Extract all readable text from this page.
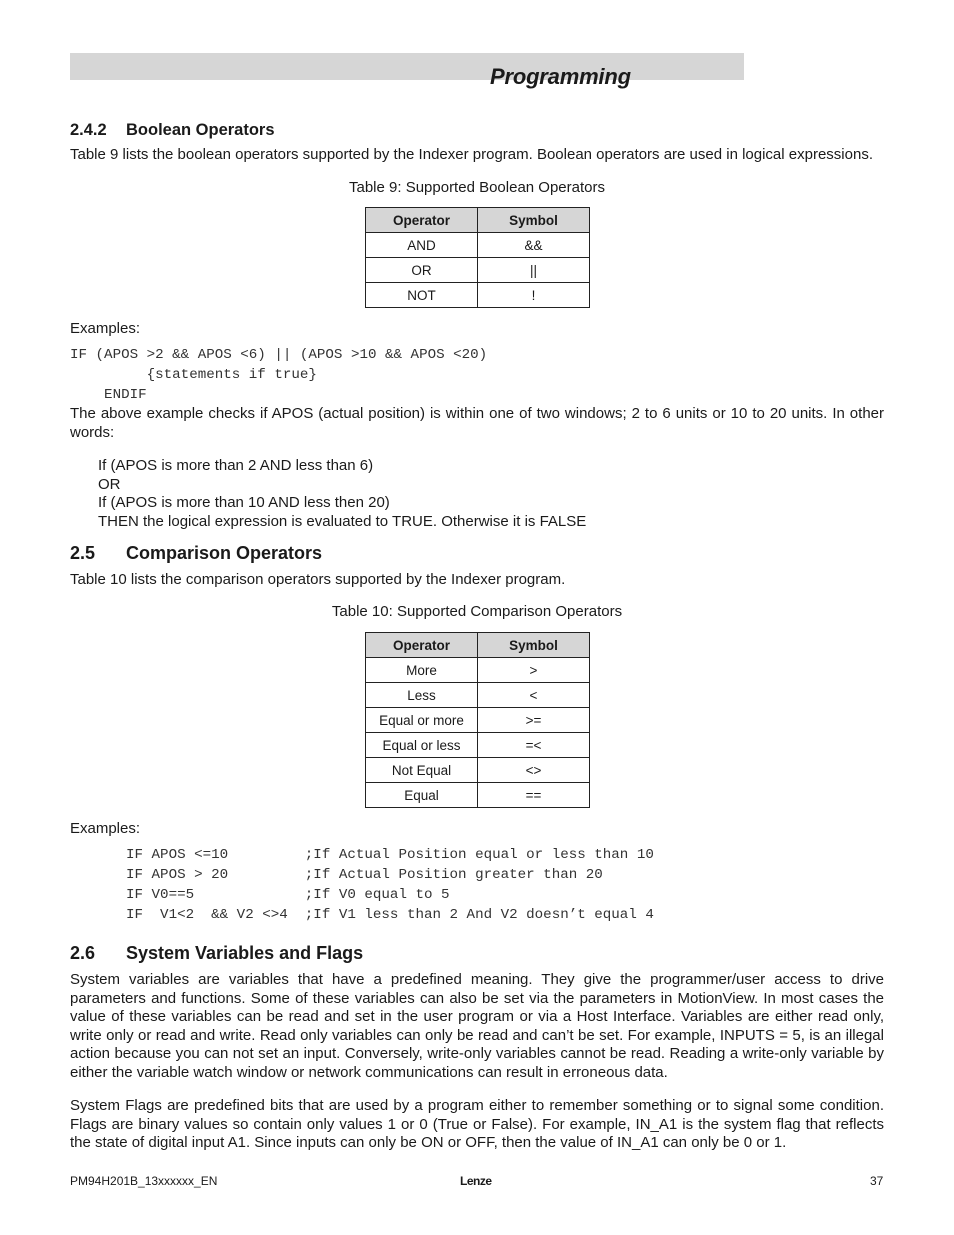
Programming
2.4.2 Boolean Operators
Table 9 lists the boolean operators supported by the Indexer program. Boolean operators are used in logical expressions.
Table 9: Supported Boolean Operators
Operator	Symbol
AND	&&
OR	||
NOT	!
Examples:
IF (APOS >2 && APOS <6) || (APOS >10 && APOS <20)
{statements if true}
ENDIF
The above example checks if APOS (actual position) is within one of two windows; 2 to 6 units or 10 to 20 units. In other words:
If (APOS is more than 2 AND less than 6)
OR
If (APOS is more than 10 AND less then 20)
THEN the logical expression is evaluated to TRUE. Otherwise it is FALSE
2.5 Comparison Operators
Table 10 lists the comparison operators supported by the Indexer program.
Table 10: Supported Comparison Operators
Operator	Symbol
More	>
Less	<
Equal or more	>=
Equal or less	=<
Not Equal	<>
Equal	==
Examples:
IF APOS <=10         ;If Actual Position equal or less than 10
IF APOS > 20         ;If Actual Position greater than 20
IF V0==5             ;If V0 equal to 5
IF  V1<2  && V2 <>4  ;If V1 less than 2 And V2 doesn’t equal 4
2.6 System Variables and Flags
System variables are variables that have a predefined meaning. They give the programmer/user access to drive parameters and functions. Some of these variables can also be set via the parameters in MotionView. In most cases the value of these variables can be read and set in the user program or via a Host Interface. Variables are either read only, write only or read and write. Read only variables can only be read and can’t be set. For example, INPUTS = 5, is an illegal action because you can not set an input. Conversely, write-only variables cannot be read. Reading a write-only variable by either the variable watch window or network communications can result in erroneous data.
System Flags are predefined bits that are used by a program either to remember something or to signal some condition. Flags are binary values so contain only values 1 or 0 (True or False). For example, IN_A1 is the system flag that reflects the state of digital input A1. Since inputs can only be ON or OFF, then the value of IN_A1 can only be 0 or 1.
PM94H201B_13xxxxxx_EN	Lenze	37
